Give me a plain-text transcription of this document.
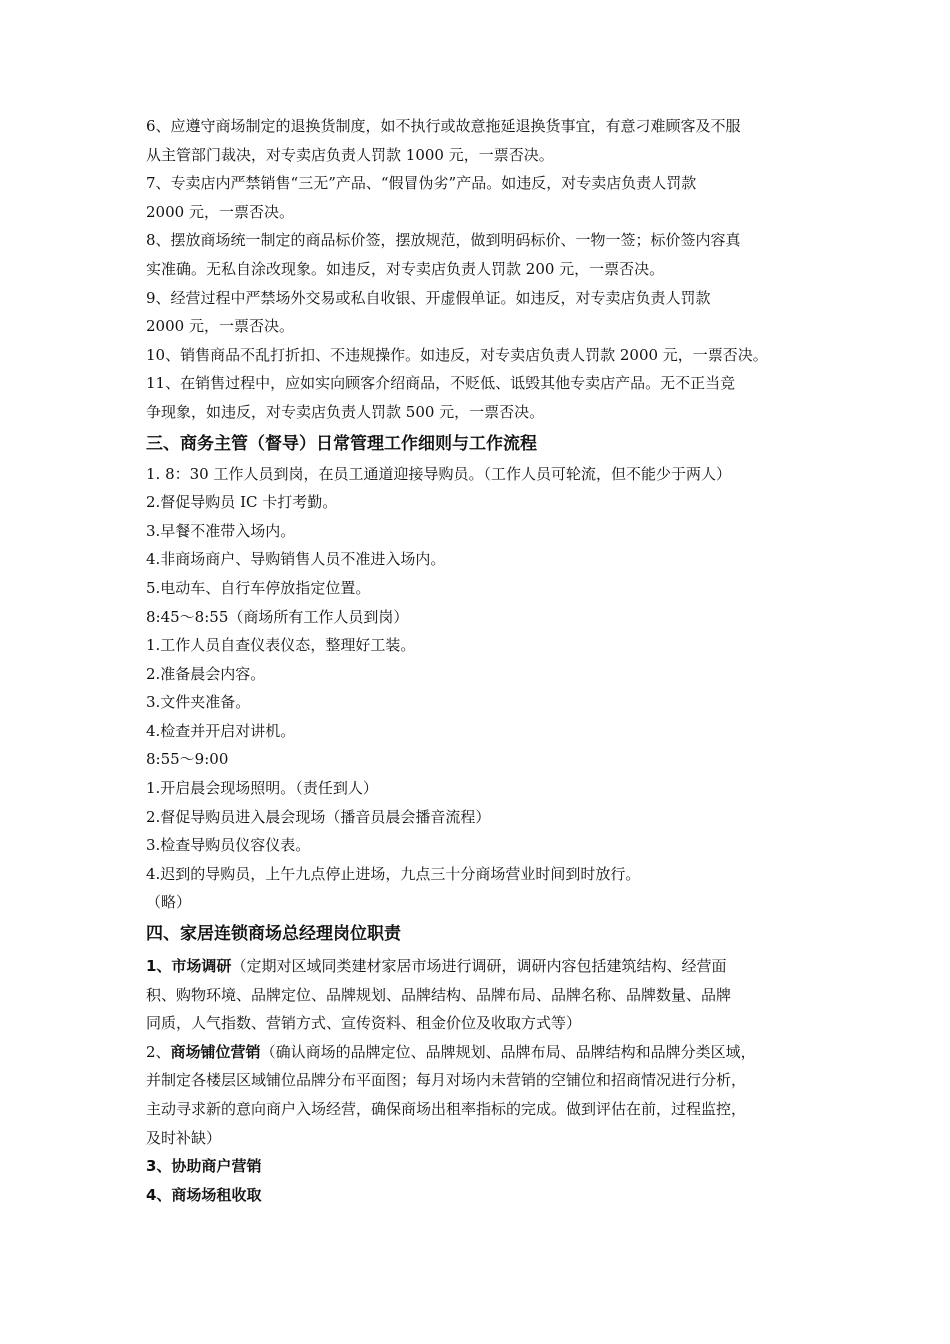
6、应遵守商场制定的退换货制度，如不执行或故意拖延退换货事宜，有意刁难顾客及不服

从主管部门裁决，对专卖店负责人罚款 1000 元，一票否决。

7、专卖店内严禁销售“三无”产品、“假冒伪劣”产品。如违反，对专卖店负责人罚款

2000 元，一票否决。

8、摆放商场统一制定的商品标价签，摆放规范，做到明码标价、一物一签；标价签内容真

实准确。无私自涂改现象。如违反，对专卖店负责人罚款 200 元，一票否决。

9、经营过程中严禁场外交易或私自收银、开虚假单证。如违反，对专卖店负责人罚款

2000 元，一票否决。

10、销售商品不乱打折扣、不违规操作。如违反，对专卖店负责人罚款 2000 元，一票否决。

11、在销售过程中，应如实向顾客介绍商品，不贬低、诋毁其他专卖店产品。无不正当竞

争现象，如违反，对专卖店负责人罚款 500 元，一票否决。

三、商务主管（督导）日常管理工作细则与工作流程

1. 8：30 工作人员到岗，在员工通道迎接导购员。（工作人员可轮流，但不能少于两人）

2.督促导购员 IC 卡打考勤。

3.早餐不准带入场内。

4.非商场商户、导购销售人员不准进入场内。

5.电动车、自行车停放指定位置。

8:45～8:55（商场所有工作人员到岗）

1.工作人员自查仪表仪态，整理好工装。

2.准备晨会内容。

3.文件夹准备。

4.检查并开启对讲机。

8:55～9:00

1.开启晨会现场照明。（责任到人）

2.督促导购员进入晨会现场（播音员晨会播音流程）

3.检查导购员仪容仪表。

4.迟到的导购员，上午九点停止进场，九点三十分商场营业时间到时放行。

（略）

四、家居连锁商场总经理岗位职责

1、市场调研（定期对区域同类建材家居市场进行调研，调研内容包括建筑结构、经营面

积、购物环境、品牌定位、品牌规划、品牌结构、品牌布局、品牌名称、品牌数量、品牌

同质，人气指数、营销方式、宣传资料、租金价位及收取方式等）

2、商场铺位营销（确认商场的品牌定位、品牌规划、品牌布局、品牌结构和品牌分类区域，

并制定各楼层区域铺位品牌分布平面图；每月对场内未营销的空铺位和招商情况进行分析，

主动寻求新的意向商户入场经营，确保商场出租率指标的完成。做到评估在前，过程监控，

及时补缺）

3、协助商户营销

4、商场场租收取
